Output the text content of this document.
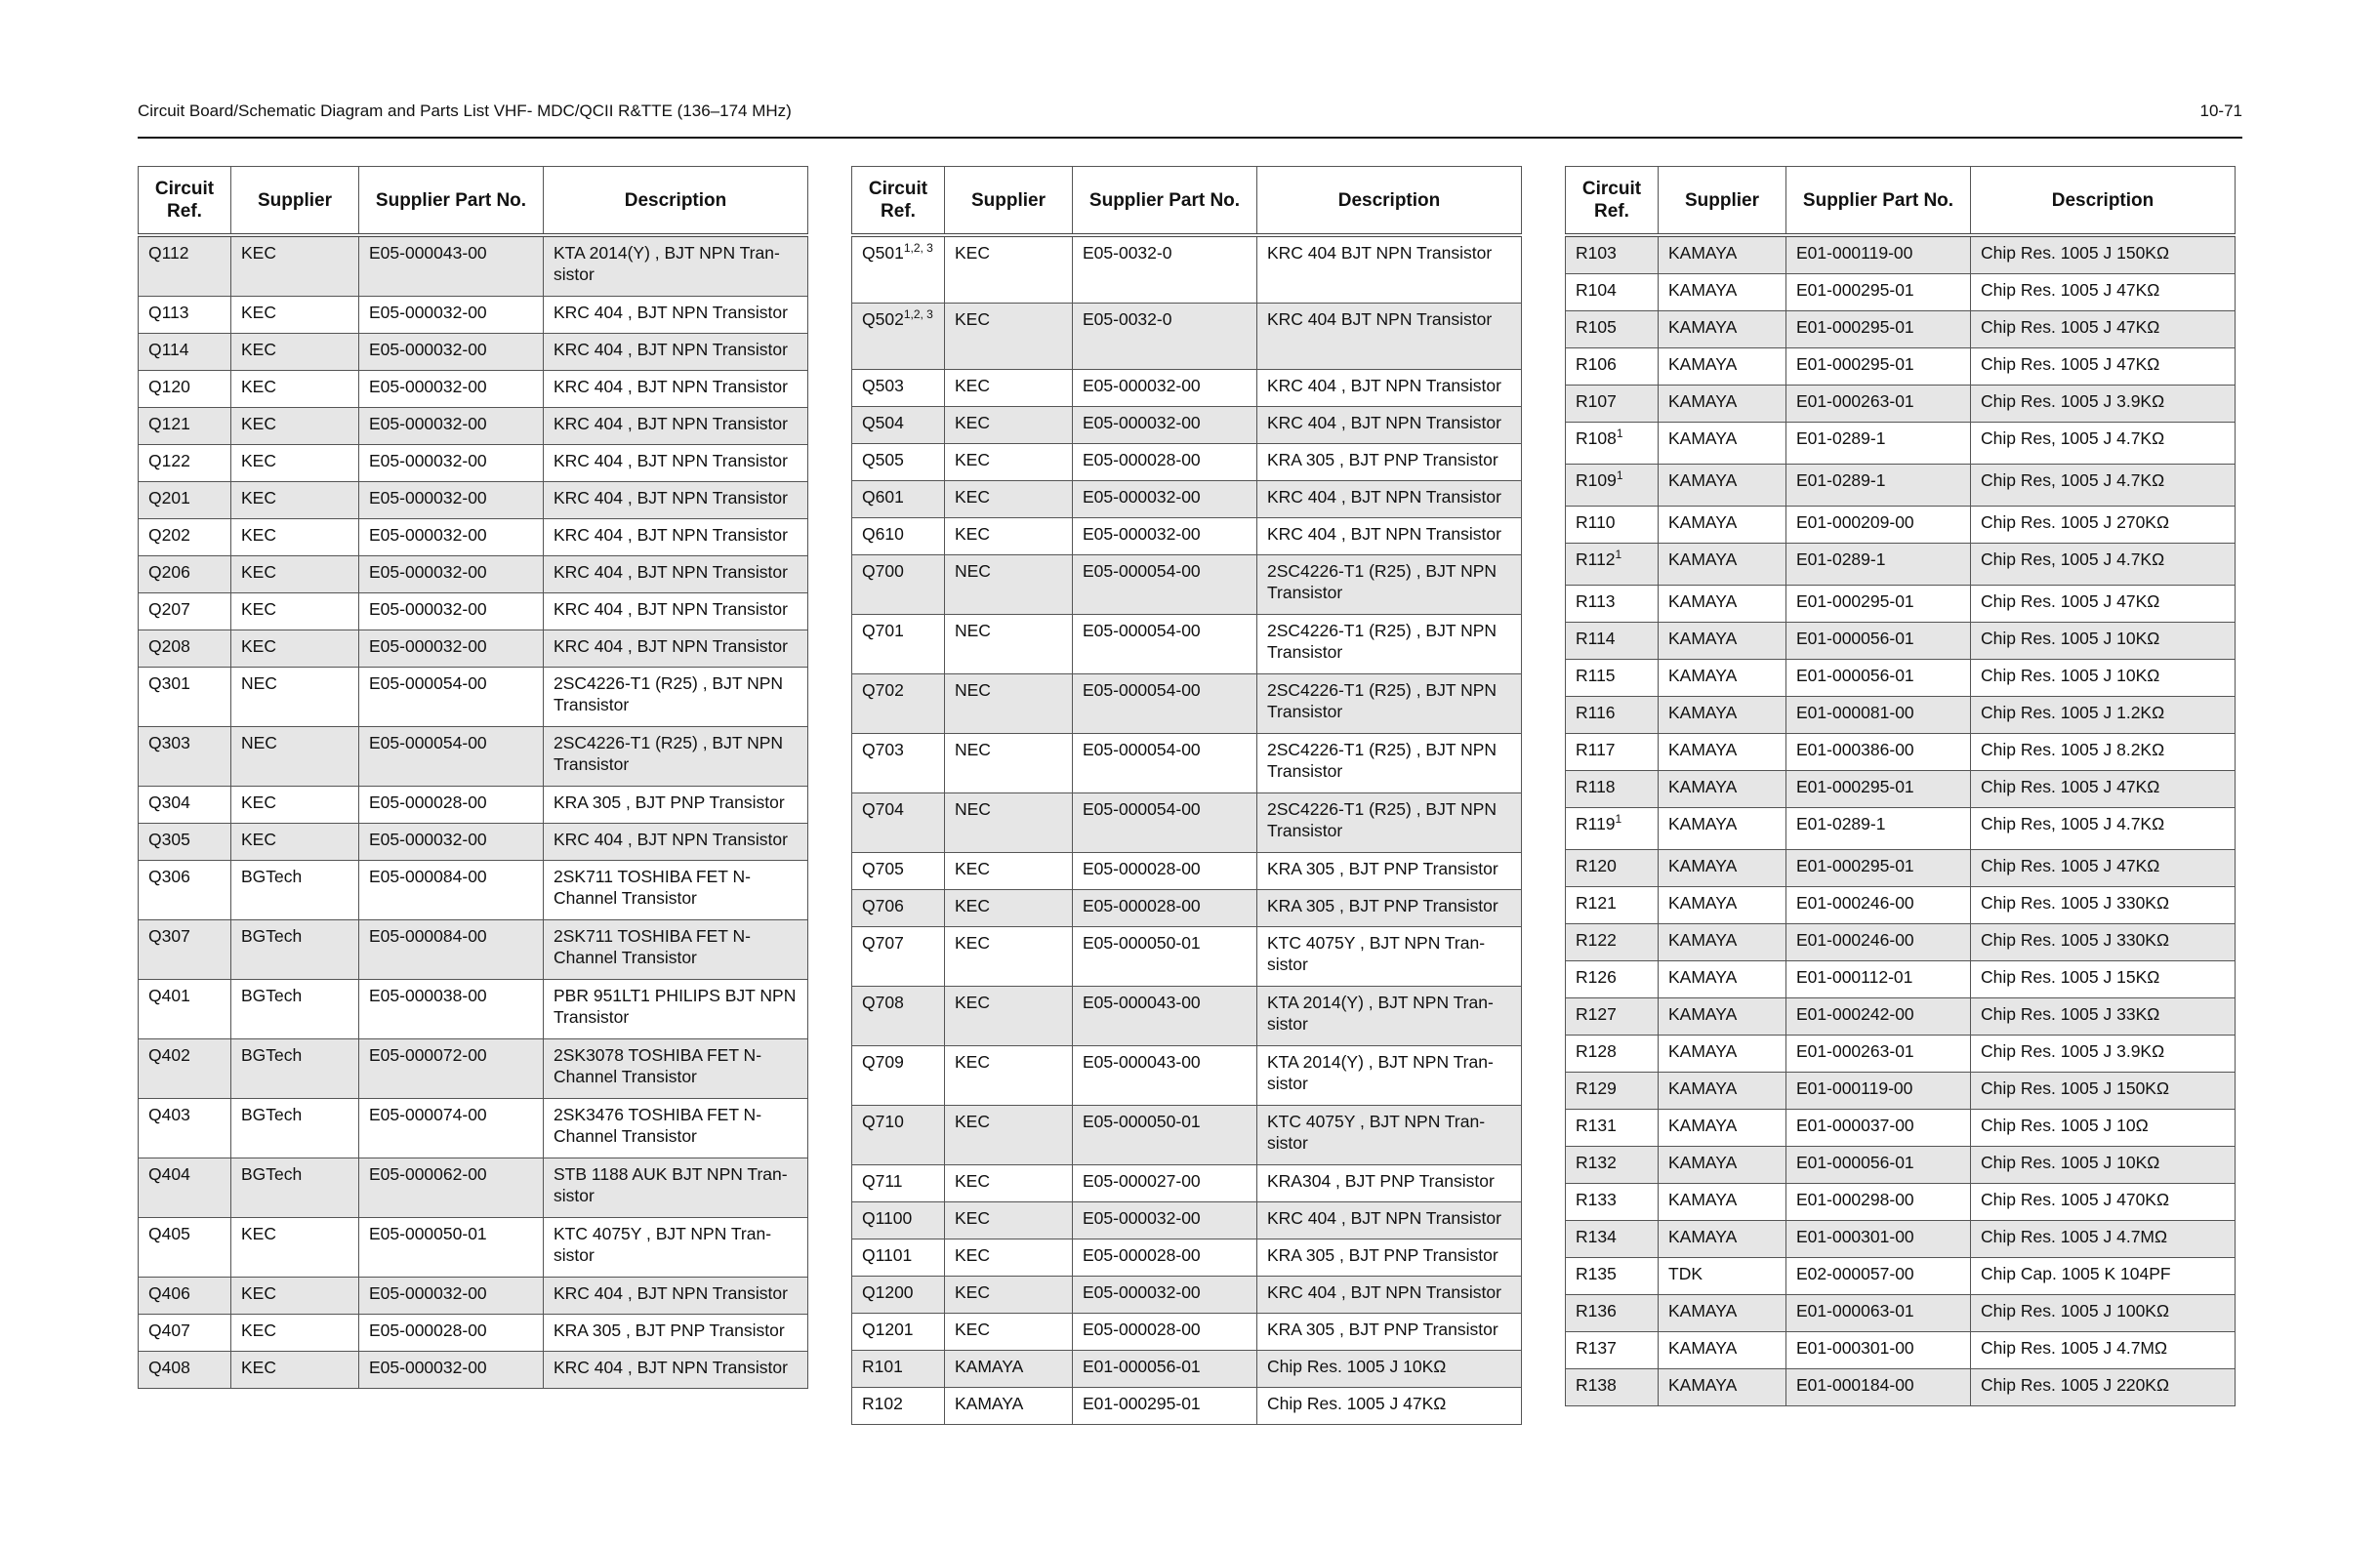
Circuit Board/Schematic Diagram and Parts List VHF- MDC/QCII R&TTE (136–174 MHz)	10-71
Circuit Ref.	Supplier	Supplier Part No.	Description
Q112	KEC	E05-000043-00	KTA 2014(Y) , BJT NPN Tran-sistor
Q113	KEC	E05-000032-00	KRC 404 , BJT NPN Transistor
Q114	KEC	E05-000032-00	KRC 404 , BJT NPN Transistor
Q120	KEC	E05-000032-00	KRC 404 , BJT NPN Transistor
Q121	KEC	E05-000032-00	KRC 404 , BJT NPN Transistor
Q122	KEC	E05-000032-00	KRC 404 , BJT NPN Transistor
Q201	KEC	E05-000032-00	KRC 404 , BJT NPN Transistor
Q202	KEC	E05-000032-00	KRC 404 , BJT NPN Transistor
Q206	KEC	E05-000032-00	KRC 404 , BJT NPN Transistor
Q207	KEC	E05-000032-00	KRC 404 , BJT NPN Transistor
Q208	KEC	E05-000032-00	KRC 404 , BJT NPN Transistor
Q301	NEC	E05-000054-00	2SC4226-T1 (R25) , BJT NPN Transistor
Q303	NEC	E05-000054-00	2SC4226-T1 (R25) , BJT NPN Transistor
Q304	KEC	E05-000028-00	KRA 305 , BJT PNP Transistor
Q305	KEC	E05-000032-00	KRC 404 , BJT NPN Transistor
Q306	BGTech	E05-000084-00	2SK711 TOSHIBA FET N-Channel Transistor
Q307	BGTech	E05-000084-00	2SK711 TOSHIBA FET N-Channel Transistor
Q401	BGTech	E05-000038-00	PBR 951LT1 PHILIPS BJT NPN Transistor
Q402	BGTech	E05-000072-00	2SK3078 TOSHIBA FET N-Channel Transistor
Q403	BGTech	E05-000074-00	2SK3476 TOSHIBA FET N-Channel Transistor
Q404	BGTech	E05-000062-00	STB 1188 AUK BJT NPN Tran-sistor
Q405	KEC	E05-000050-01	KTC 4075Y , BJT NPN Tran-sistor
Q406	KEC	E05-000032-00	KRC 404 , BJT NPN Transistor
Q407	KEC	E05-000028-00	KRA 305 , BJT PNP Transistor
Q408	KEC	E05-000032-00	KRC 404 , BJT NPN Transistor
Circuit Ref.	Supplier	Supplier Part No.	Description
Q501$^{1,2, 3}$	KEC	E05-0032-0	KRC 404 BJT NPN Transistor
Q502$^{1,2, 3}$	KEC	E05-0032-0	KRC 404 BJT NPN Transistor
Q503	KEC	E05-000032-00	KRC 404 , BJT NPN Transistor
Q504	KEC	E05-000032-00	KRC 404 , BJT NPN Transistor
Q505	KEC	E05-000028-00	KRA 305 , BJT PNP Transistor
Q601	KEC	E05-000032-00	KRC 404 , BJT NPN Transistor
Q610	KEC	E05-000032-00	KRC 404 , BJT NPN Transistor
Q700	NEC	E05-000054-00	2SC4226-T1 (R25) , BJT NPN Transistor
Q701	NEC	E05-000054-00	2SC4226-T1 (R25) , BJT NPN Transistor
Q702	NEC	E05-000054-00	2SC4226-T1 (R25) , BJT NPN Transistor
Q703	NEC	E05-000054-00	2SC4226-T1 (R25) , BJT NPN Transistor
Q704	NEC	E05-000054-00	2SC4226-T1 (R25) , BJT NPN Transistor
Q705	KEC	E05-000028-00	KRA 305 , BJT PNP Transistor
Q706	KEC	E05-000028-00	KRA 305 , BJT PNP Transistor
Q707	KEC	E05-000050-01	KTC 4075Y , BJT NPN Tran-sistor
Q708	KEC	E05-000043-00	KTA 2014(Y) , BJT NPN Tran-sistor
Q709	KEC	E05-000043-00	KTA 2014(Y) , BJT NPN Tran-sistor
Q710	KEC	E05-000050-01	KTC 4075Y , BJT NPN Tran-sistor
Q711	KEC	E05-000027-00	KRA304 , BJT PNP Transistor
Q1100	KEC	E05-000032-00	KRC 404 , BJT NPN Transistor
Q1101	KEC	E05-000028-00	KRA 305 , BJT PNP Transistor
Q1200	KEC	E05-000032-00	KRC 404 , BJT NPN Transistor
Q1201	KEC	E05-000028-00	KRA 305 , BJT PNP Transistor
R101	KAMAYA	E01-000056-01	Chip Res. 1005 J 10KΩ
R102	KAMAYA	E01-000295-01	Chip Res. 1005 J 47KΩ
Circuit Ref.	Supplier	Supplier Part No.	Description
R103	KAMAYA	E01-000119-00	Chip Res. 1005 J 150KΩ
R104	KAMAYA	E01-000295-01	Chip Res. 1005 J 47KΩ
R105	KAMAYA	E01-000295-01	Chip Res. 1005 J 47KΩ
R106	KAMAYA	E01-000295-01	Chip Res. 1005 J 47KΩ
R107	KAMAYA	E01-000263-01	Chip Res. 1005 J 3.9KΩ
$R108^1$	KAMAYA	E01-0289-1	Chip Res, 1005 J 4.7KΩ
$R109^1$	KAMAYA	E01-0289-1	Chip Res, 1005 J 4.7KΩ
R110	KAMAYA	E01-000209-00	Chip Res. 1005 J 270KΩ
$R112^1$	KAMAYA	E01-0289-1	Chip Res, 1005 J 4.7KΩ
R113	KAMAYA	E01-000295-01	Chip Res. 1005 J 47KΩ
R114	KAMAYA	E01-000056-01	Chip Res. 1005 J 10KΩ
R115	KAMAYA	E01-000056-01	Chip Res. 1005 J 10KΩ
R116	KAMAYA	E01-000081-00	Chip Res. 1005 J 1.2KΩ
R117	KAMAYA	E01-000386-00	Chip Res. 1005 J 8.2KΩ
R118	KAMAYA	E01-000295-01	Chip Res. 1005 J 47KΩ
$R119^1$	KAMAYA	E01-0289-1	Chip Res, 1005 J 4.7KΩ
R120	KAMAYA	E01-000295-01	Chip Res. 1005 J 47KΩ
R121	KAMAYA	E01-000246-00	Chip Res. 1005 J 330KΩ
R122	KAMAYA	E01-000246-00	Chip Res. 1005 J 330KΩ
R126	KAMAYA	E01-000112-01	Chip Res. 1005 J 15KΩ
R127	KAMAYA	E01-000242-00	Chip Res. 1005 J 33KΩ
R128	KAMAYA	E01-000263-01	Chip Res. 1005 J 3.9KΩ
R129	KAMAYA	E01-000119-00	Chip Res. 1005 J 150KΩ
R131	KAMAYA	E01-000037-00	Chip Res. 1005 J 10Ω
R132	KAMAYA	E01-000056-01	Chip Res. 1005 J 10KΩ
R133	KAMAYA	E01-000298-00	Chip Res. 1005 J 470KΩ
R134	KAMAYA	E01-000301-00	Chip Res. 1005 J 4.7MΩ
R135	TDK	E02-000057-00	Chip Cap. 1005 K 104PF
R136	KAMAYA	E01-000063-01	Chip Res. 1005 J 100KΩ
R137	KAMAYA	E01-000301-00	Chip Res. 1005 J 4.7MΩ
R138	KAMAYA	E01-000184-00	Chip Res. 1005 J 220KΩ
